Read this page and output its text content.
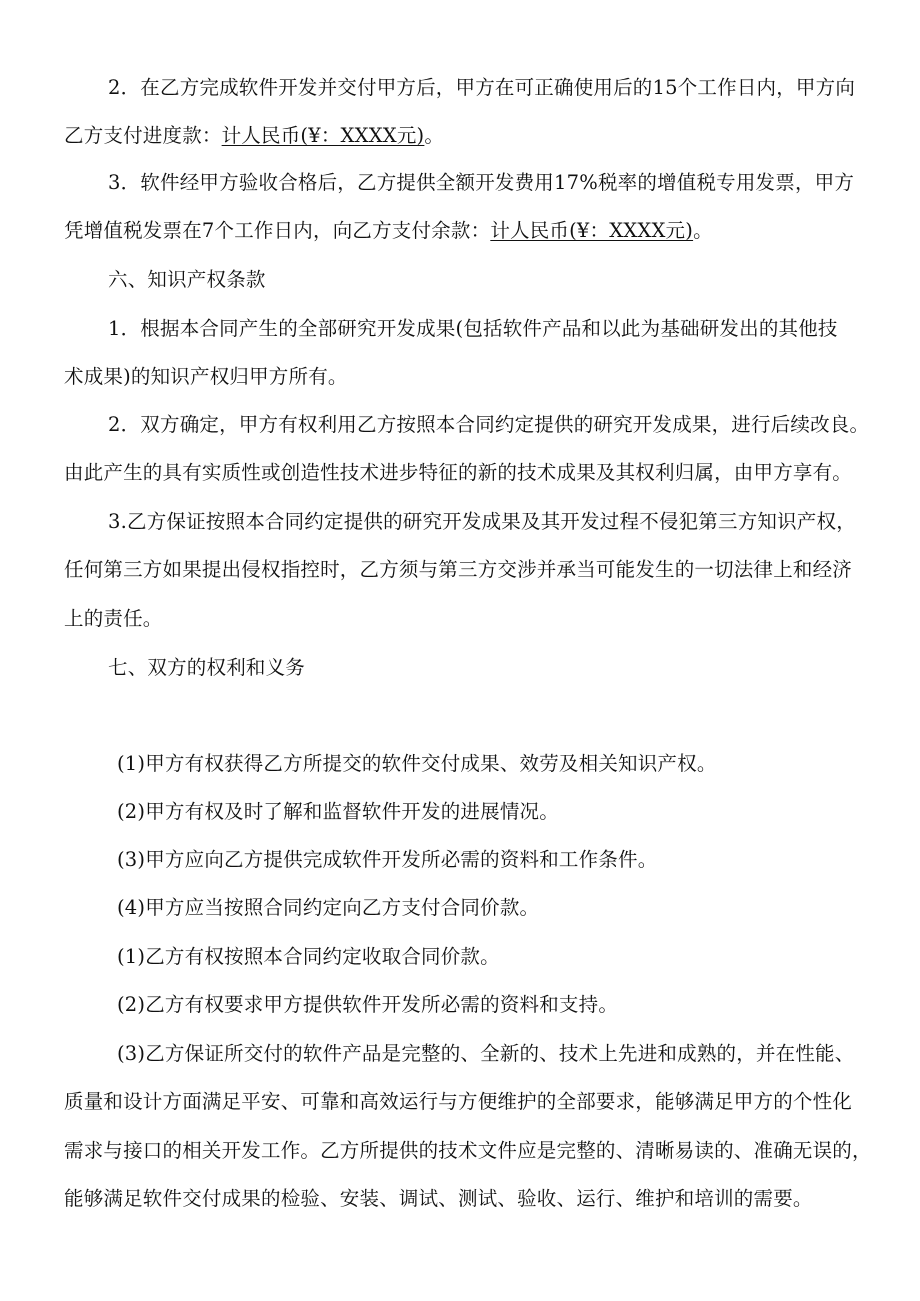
2．在乙方完成软件开发并交付甲方后，甲方在可正确使用后的15个工作日内，甲方向
乙方支付进度款：计人民币(¥：XXXX元)。
3．软件经甲方验收合格后，乙方提供全额开发费用17%税率的增值税专用发票，甲方
凭增值税发票在7个工作日内，向乙方支付余款：计人民币(¥：XXXX元)。
六、知识产权条款
1．根据本合同产生的全部研究开发成果(包括软件产品和以此为基础研发出的其他技
术成果)的知识产权归甲方所有。
2．双方确定，甲方有权利用乙方按照本合同约定提供的研究开发成果，进行后续改良。
由此产生的具有实质性或创造性技术进步特征的新的技术成果及其权利归属，由甲方享有。
3.乙方保证按照本合同约定提供的研究开发成果及其开发过程不侵犯第三方知识产权，
任何第三方如果提出侵权指控时，乙方须与第三方交涉并承当可能发生的一切法律上和经济
上的责任。
七、双方的权利和义务
(1)甲方有权获得乙方所提交的软件交付成果、效劳及相关知识产权。
(2)甲方有权及时了解和监督软件开发的进展情况。
(3)甲方应向乙方提供完成软件开发所必需的资料和工作条件。
(4)甲方应当按照合同约定向乙方支付合同价款。
(1)乙方有权按照本合同约定收取合同价款。
(2)乙方有权要求甲方提供软件开发所必需的资料和支持。
(3)乙方保证所交付的软件产品是完整的、全新的、技术上先进和成熟的，并在性能、
质量和设计方面满足平安、可靠和高效运行与方便维护的全部要求，能够满足甲方的个性化
需求与接口的相关开发工作。乙方所提供的技术文件应是完整的、清晰易读的、准确无误的，
能够满足软件交付成果的检验、安装、调试、测试、验收、运行、维护和培训的需要。
